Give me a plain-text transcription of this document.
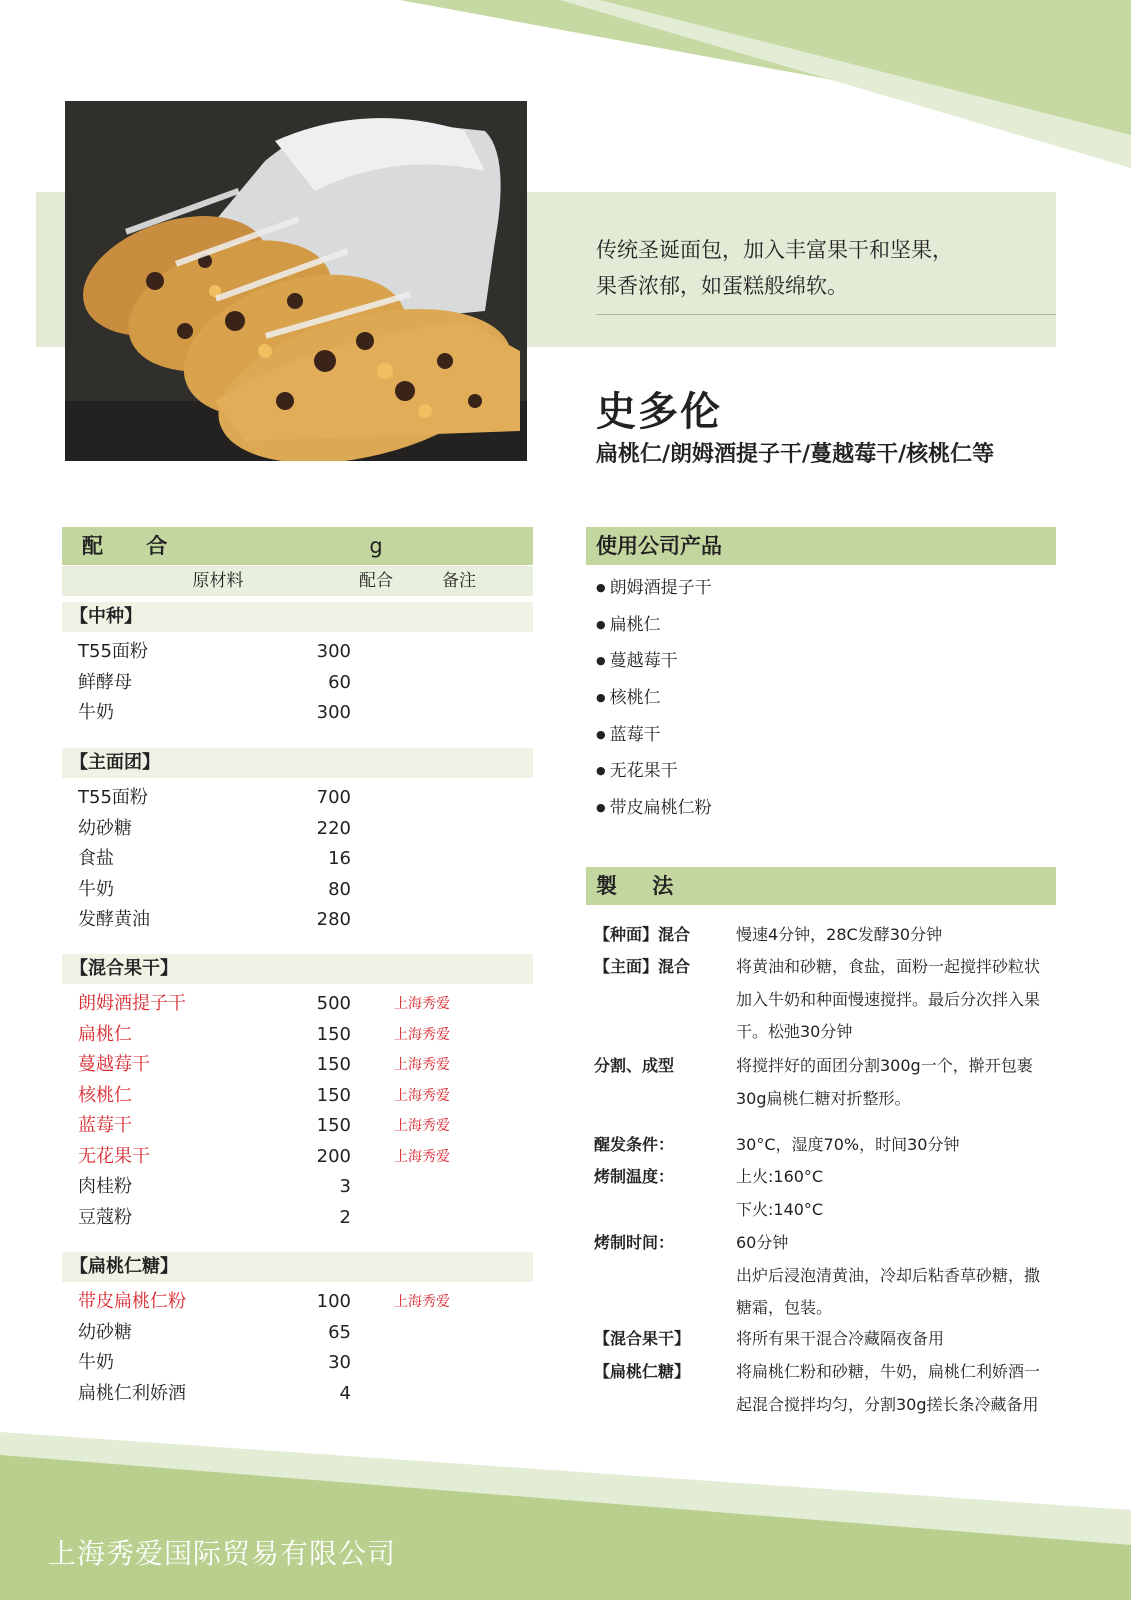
传统圣诞面包，加入丰富果干和坚果，
果香浓郁，如蛋糕般绵软。
史多伦
扁桃仁/朗姆酒提子干/蔓越莓干/核桃仁等
配 合	g
原材料	配合	备注
【中种】
T55面粉	300
鲜酵母	60
牛奶	300
【主面团】
T55面粉	700
幼砂糖	220
食盐	16
牛奶	80
发酵黄油	280
【混合果干】
朗姆酒提子干	500	上海秀爱
扁桃仁	150	上海秀爱
蔓越莓干	150	上海秀爱
核桃仁	150	上海秀爱
蓝莓干	150	上海秀爱
无花果干	200	上海秀爱
肉桂粉	3
豆蔻粉	2
【扁桃仁糖】
带皮扁桃仁粉	100	上海秀爱
幼砂糖	65
牛奶	30
扁桃仁利娇酒	4
使用公司产品
● 朗姆酒提子干
● 扁桃仁
● 蔓越莓干
● 核桃仁
● 蓝莓干
● 无花果干
● 带皮扁桃仁粉
製 法
【种面】混合	慢速4分钟，28C发酵30分钟
【主面】混合	将黄油和砂糖，食盐，面粉一起搅拌砂粒状
加入牛奶和种面慢速搅拌。最后分次拌入果
干。松弛30分钟
分割、成型	将搅拌好的面团分割300g一个，擀开包裹
30g扁桃仁糖对折整形。
醒发条件：	30°C，湿度70%，时间30分钟
烤制温度：	上火:160°C
下火:140°C
烤制时间：	60分钟
出炉后浸泡清黄油，冷却后粘香草砂糖，撒
糖霜，包装。
【混合果干】	将所有果干混合冷藏隔夜备用
【扁桃仁糖】	将扁桃仁粉和砂糖，牛奶，扁桃仁利娇酒一
起混合搅拌均匀，分割30g搓长条冷藏备用
上海秀爱国际贸易有限公司
